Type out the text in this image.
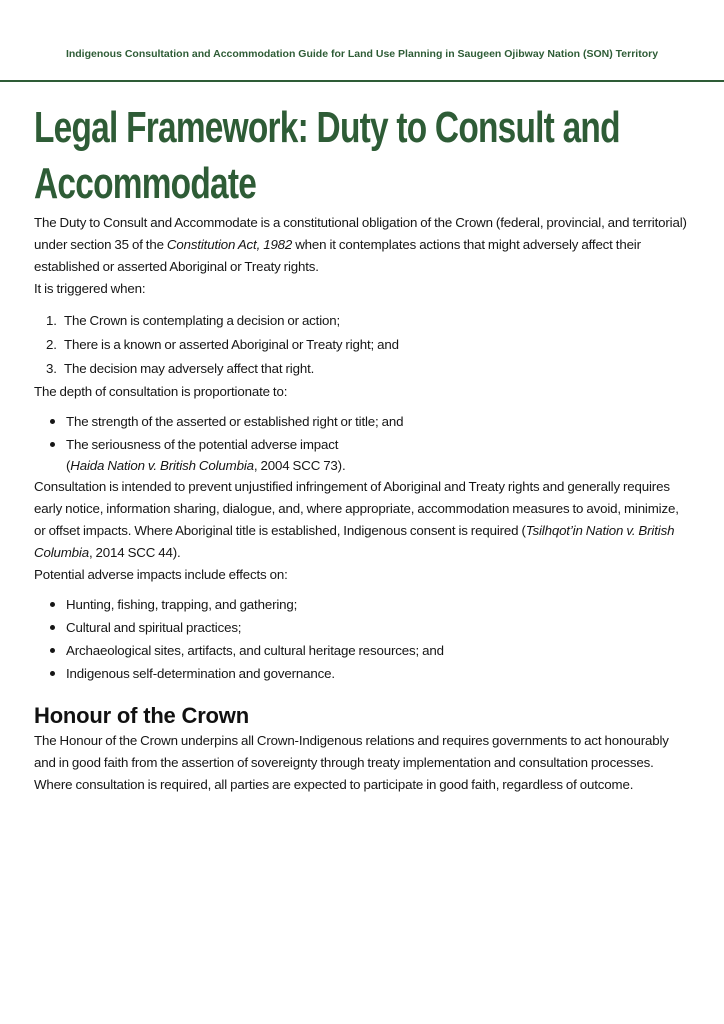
Indigenous Consultation and Accommodation Guide for Land Use Planning in Saugeen Ojibway Nation (SON) Territory
Legal Framework: Duty to Consult and
Accommodate

The Duty to Consult and Accommodate is a constitutional obligation of the Crown (federal, provincial, and territorial) under section 35 of the Constitution Act, 1982 when it contemplates actions that might adversely affect their established or asserted Aboriginal or Treaty rights.
It is triggered when:

1. The Crown is contemplating a decision or action;
2. There is a known or asserted Aboriginal or Treaty right; and
3. The decision may adversely affect that right.

The depth of consultation is proportionate to:

The strength of the asserted or established right or title; and
The seriousness of the potential adverse impact
(Haida Nation v. British Columbia, 2004 SCC 73).

Consultation is intended to prevent unjustified infringement of Aboriginal and Treaty rights and generally requires early notice, information sharing, dialogue, and, where appropriate, accommodation measures to avoid, minimize, or offset impacts. Where Aboriginal title is established, Indigenous consent is required (Tsilhqot’in Nation v. British Columbia, 2014 SCC 44).

Potential adverse impacts include effects on:

Hunting, fishing, trapping, and gathering;
Cultural and spiritual practices;
Archaeological sites, artifacts, and cultural heritage resources; and
Indigenous self-determination and governance.
Honour of the Crown

The Honour of the Crown underpins all Crown-Indigenous relations and requires governments to act honourably and in good faith from the assertion of sovereignty through treaty implementation and consultation processes. Where consultation is required, all parties are expected to participate in good faith, regardless of outcome.
